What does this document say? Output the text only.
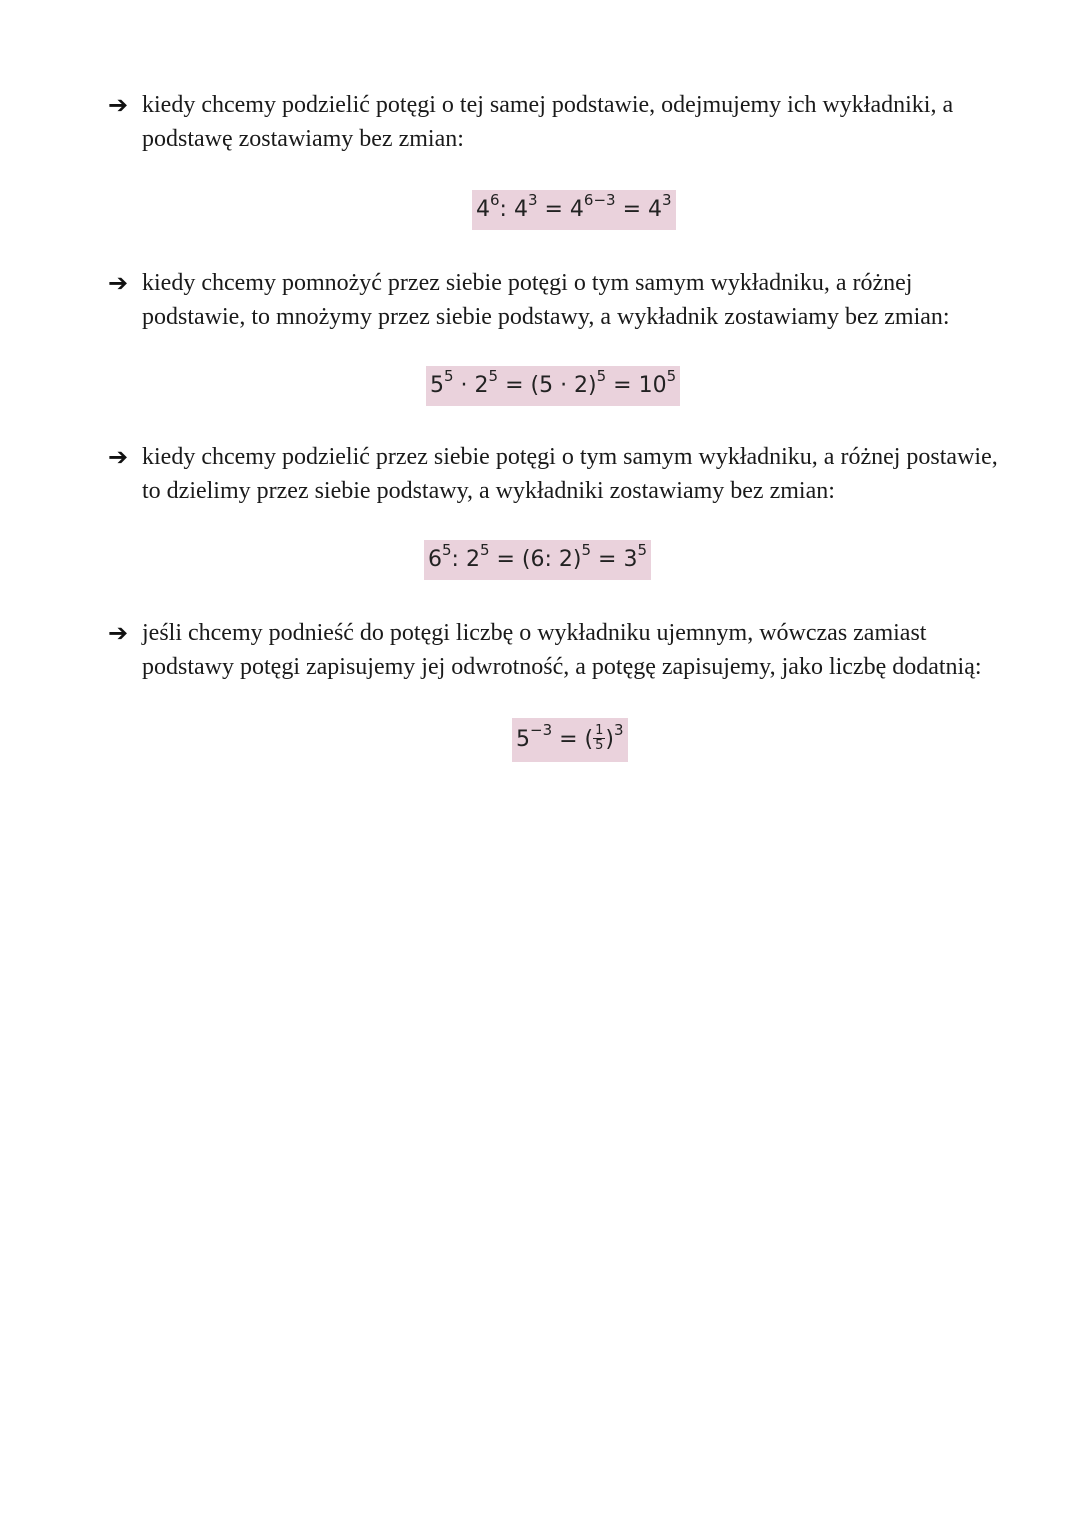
➔ kiedy chcemy podzielić potęgi o tej samej podstawie, odejmujemy ich wykładniki, a podstawę zostawiamy bez zmian:
$4^6$: $4^3 = 4^{6-3} = 4^3$
➔ kiedy chcemy pomnożyć przez siebie potęgi o tym samym wykładniku, a różnej podstawie, to mnożymy przez siebie podstawy, a wykładnik zostawiamy bez zmian:
$5^5 \cdot 2^5 = (5 \cdot 2)^5 = 10^5$
➔ kiedy chcemy podzielić przez siebie potęgi o tym samym wykładniku, a różnej postawie, to dzielimy przez siebie podstawy, a wykładniki zostawiamy bez zmian:
$6^5$: $2^5 = (6$: $2)^5 = 3^5$
➔ jeśli chcemy podnieść do potęgi liczbę o wykładniku ujemnym, wówczas zamiast podstawy potęgi zapisujemy jej odwrotność, a potęgę zapisujemy, jako liczbę dodatnią:
$5^{-3}$ = ( $\frac{1}{5} )^3$
